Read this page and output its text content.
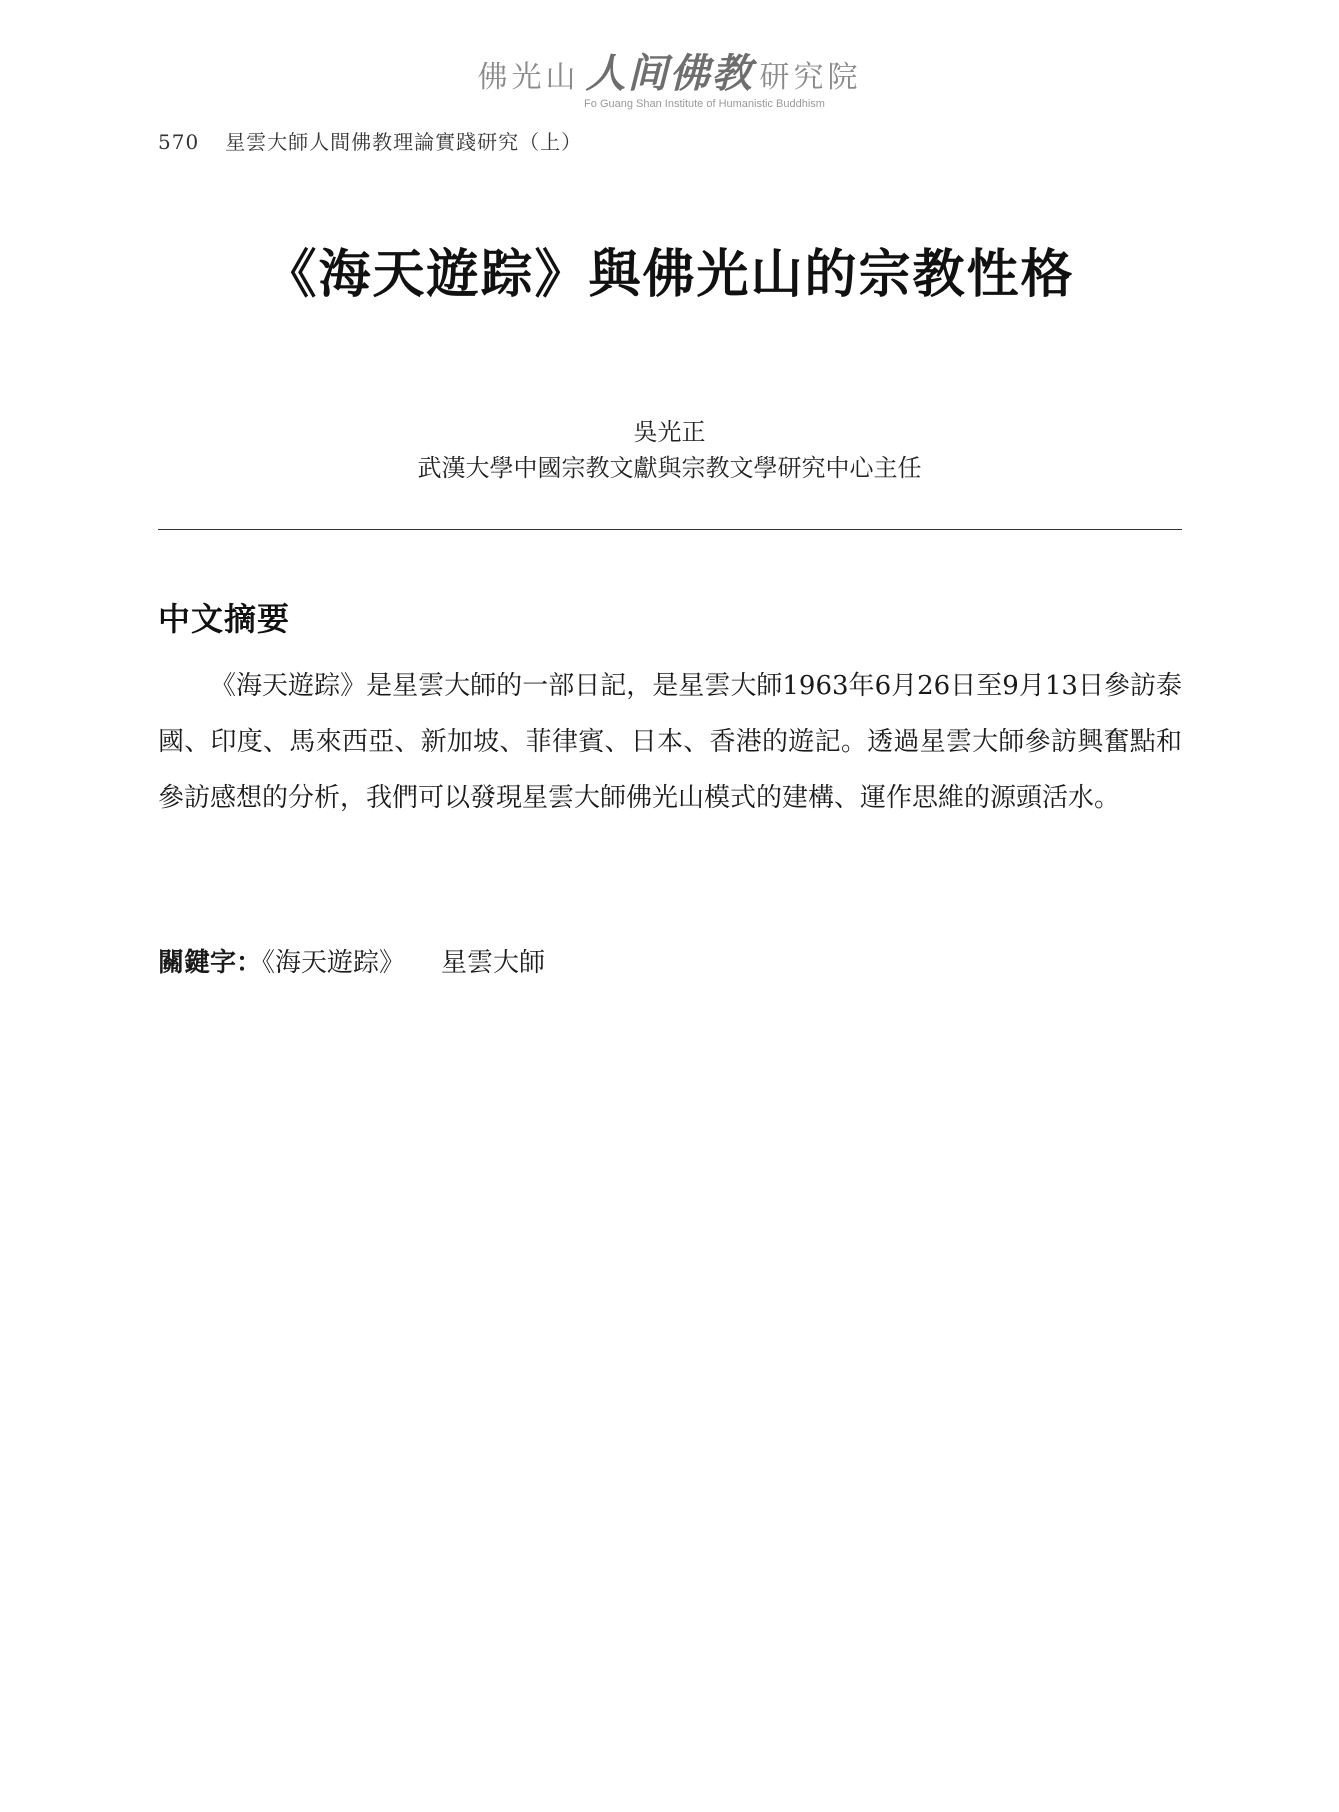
佛光山 人间佛教 研究院
Fo Guang Shan Institute of Humanistic Buddhism
570 星雲大師人間佛教理論實踐研究（上）
《海天遊踪》與佛光山的宗教性格
吳光正
武漢大學中國宗教文獻與宗教文學研究中心主任
中文摘要

《海天遊踪》是星雲大師的一部日記，是星雲大師1963年6月26日至9月13日參訪泰國、印度、馬來西亞、新加坡、菲律賓、日本、香港的遊記。透過星雲大師參訪興奮點和參訪感想的分析，我們可以發現星雲大師佛光山模式的建構、運作思維的源頭活水。

關鍵字：《海天遊踪》 星雲大師
